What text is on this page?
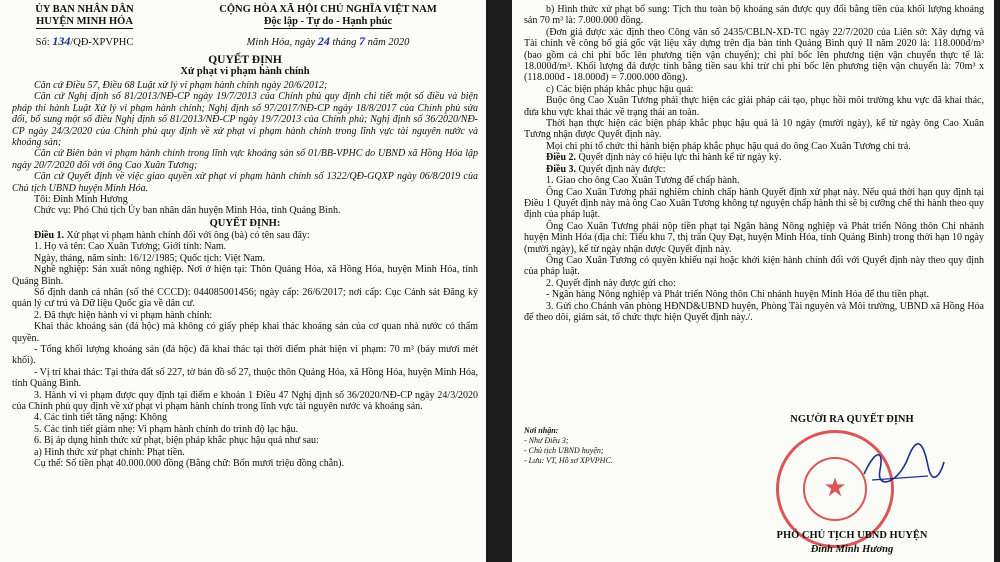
ỦY BAN NHÂN DÂN
HUYỆN MINH HÓA
CỘNG HÒA XÃ HỘI CHỦ NGHĨA VIỆT NAM
Độc lập - Tự do - Hạnh phúc
Số: 134/QĐ-XPVPHC	Minh Hóa, ngày 24 tháng 7 năm 2020
QUYẾT ĐỊNH
Xử phạt vi phạm hành chính

Căn cứ Điều 57, Điều 68 Luật xử lý vi phạm hành chính ngày 20/6/2012;

Căn cứ Nghị định số 81/2013/NĐ-CP ngày 19/7/2013 của Chính phủ quy định chi tiết một số điều và biện pháp thi hành Luật Xử lý vi phạm hành chính; Nghị định số 97/2017/NĐ-CP ngày 18/8/2017 của Chính phủ sửa đổi, bổ sung một số điều Nghị định số 81/2013/NĐ-CP ngày 19/7/2013 của Chính phủ; Nghị định số 36/2020/NĐ-CP ngày 24/3/2020 của Chính phủ quy định về xử phạt vi phạm hành chính trong lĩnh vực tài nguyên nước và khoáng sản;

Căn cứ Biên bản vi phạm hành chính trong lĩnh vực khoáng sản số 01/BB-VPHC do UBND xã Hồng Hóa lập ngày 20/7/2020 đối với ông Cao Xuân Tương;

Căn cứ Quyết định về việc giao quyền xử phạt vi phạm hành chính số 1322/QĐ-GQXP ngày 06/8/2019 của Chủ tịch UBND huyện Minh Hóa.

Tôi: Đinh Minh Hương

Chức vụ: Phó Chủ tịch Ủy ban nhân dân huyện Minh Hóa, tỉnh Quảng Bình.

QUYẾT ĐỊNH:

Điều 1. Xử phạt vi phạm hành chính đối với ông (bà) có tên sau đây:

1. Họ và tên: Cao Xuân Tương; Giới tính: Nam.

Ngày, tháng, năm sinh: 16/12/1985; Quốc tịch: Việt Nam.

Nghề nghiệp: Sản xuất nông nghiệp. Nơi ở hiện tại: Thôn Quảng Hóa, xã Hồng Hóa, huyện Minh Hóa, tỉnh Quảng Bình.

Số định danh cá nhân (số thẻ CCCD): 044085001456; ngày cấp: 26/6/2017; nơi cấp: Cục Cảnh sát Đăng ký quản lý cư trú và Dữ liệu Quốc gia về dân cư.

2. Đã thực hiện hành vi vi phạm hành chính:

Khai thác khoáng sản (đá hộc) mà không có giấy phép khai thác khoáng sản của cơ quan nhà nước có thẩm quyền.

- Tổng khối lượng khoáng sản (đá hộc) đã khai thác tại thời điểm phát hiện vi phạm: 70 m³ (bảy mươi mét khối).

- Vị trí khai thác: Tại thửa đất số 227, tờ bản đồ số 27, thuộc thôn Quảng Hóa, xã Hồng Hóa, huyện Minh Hóa, tỉnh Quảng Bình.

3. Hành vi vi phạm được quy định tại điểm e khoản 1 Điều 47 Nghị định số 36/2020/NĐ-CP ngày 24/3/2020 của Chính phủ quy định về xử phạt vi phạm hành chính trong lĩnh vực tài nguyên nước và khoáng sản.

4. Các tình tiết tăng nặng: Không

5. Các tình tiết giảm nhẹ: Vi phạm hành chính do trình độ lạc hậu.

6. Bị áp dụng hình thức xử phạt, biện pháp khắc phục hậu quả như sau:

a) Hình thức xử phạt chính: Phạt tiền.

Cụ thể: Số tiền phạt 40.000.000 đồng (Bằng chữ: Bốn mươi triệu đồng chẵn).

b) Hình thức xử phạt bổ sung: Tịch thu toàn bộ khoáng sản được quy đổi bằng tiền của khối lượng khoáng sản 70 m³ là: 7.000.000 đồng.

(Đơn giá được xác định theo Công văn số 2435/CBLN-XD-TC ngày 22/7/2020 của Liên sở: Xây dựng và Tài chính về công bố giá gốc vật liệu xây dựng trên địa bàn tỉnh Quảng Bình quý II năm 2020 là: 118.000đ/m³ (bao gồm cả chi phí bốc lên phương tiện vận chuyển); chi phí bốc lên phương tiện vận chuyển thực tế là: 18.000đ/m³. Khối lượng đá được tính bằng tiền sau khi trừ chi phí bốc lên phương tiện vận chuyển là: 70m³ x (118.000đ - 18.000đ) = 7.000.000 đồng).

c) Các biện pháp khắc phục hậu quả:

Buộc ông Cao Xuân Tương phải thực hiện các giải pháp cải tạo, phục hồi môi trường khu vực đã khai thác, đưa khu vực khai thác về trạng thái an toàn.

Thời hạn thực hiện các biện pháp khắc phục hậu quả là 10 ngày (mười ngày), kể từ ngày ông Cao Xuân Tương nhận được Quyết định này.

Mọi chi phí tổ chức thi hành biện pháp khắc phục hậu quả do ông Cao Xuân Tương chi trả.

Điều 2. Quyết định này có hiệu lực thi hành kể từ ngày ký.

Điều 3. Quyết định này được:

1. Giao cho ông Cao Xuân Tương để chấp hành.

Ông Cao Xuân Tương phải nghiêm chỉnh chấp hành Quyết định xử phạt này. Nếu quá thời hạn quy định tại Điều 1 Quyết định này mà ông Cao Xuân Tương không tự nguyện chấp hành thì sẽ bị cưỡng chế thi hành theo quy định của pháp luật.

Ông Cao Xuân Tương phải nộp tiền phạt tại Ngân hàng Nông nghiệp và Phát triển Nông thôn Chi nhánh huyện Minh Hóa (địa chỉ: Tiểu khu 7, thị trấn Quy Đạt, huyện Minh Hóa, tỉnh Quảng Bình) trong thời hạn 10 ngày (mười ngày), kể từ ngày nhận được Quyết định này.

Ông Cao Xuân Tương có quyền khiếu nại hoặc khởi kiện hành chính đối với Quyết định này theo quy định của pháp luật.

2. Quyết định này được gửi cho:

- Ngân hàng Nông nghiệp và Phát triển Nông thôn Chi nhánh huyện Minh Hóa để thu tiền phạt.

3. Gửi cho Chánh văn phòng HĐND&UBND huyện, Phòng Tài nguyên và Môi trường, UBND xã Hồng Hóa để theo dõi, giám sát, tổ chức thực hiện Quyết định này./.

NGƯỜI RA QUYẾT ĐỊNH
Nơi nhận:
- Như Điều 3;
- Chủ tịch UBND huyện;
- Lưu: VT, Hồ sơ XPVPHC.
★
PHÓ CHỦ TỊCH UBND HUYỆN
Đinh Minh Hương
